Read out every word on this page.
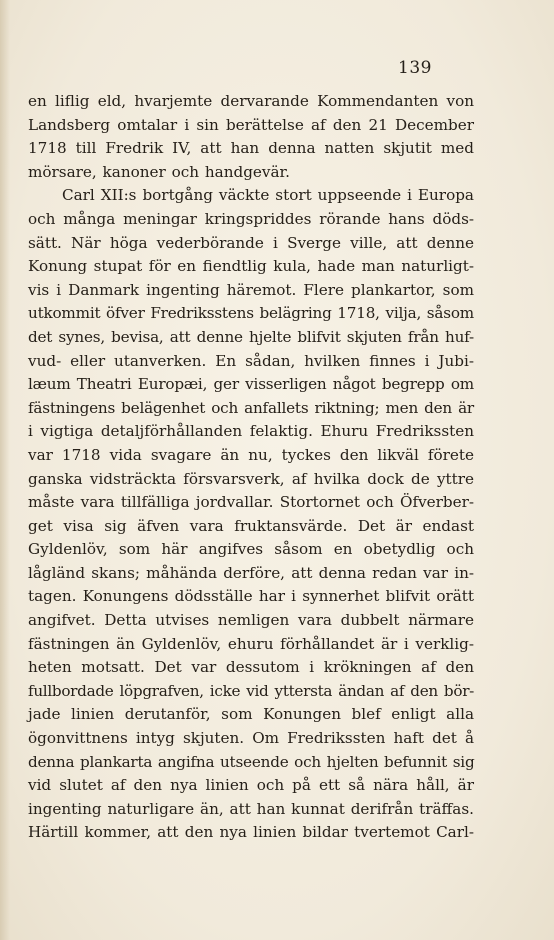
139
en liflig eld, hvarjemte dervarande Kommendanten von
Landsberg omtalar i sin berättelse af den 21 December
1718 till Fredrik IV, att han denna natten skjutit med
mörsare, kanoner och handgevär.
Carl XII:s bortgång väckte stort uppseende i Europa
och många meningar kringspriddes rörande hans döds-
sätt. När höga vederbörande i Sverge ville, att denne
Konung stupat för en fiendtlig kula, hade man naturligt-
vis i Danmark ingenting häremot. Flere plankartor, som
utkommit öfver Fredriksstens belägring 1718, vilja, såsom
det synes, bevisa, att denne hjelte blifvit skjuten från huf-
vud- eller utanverken. En sådan, hvilken finnes i Jubi-
læum Theatri Europæi, ger visserligen något begrepp om
fästningens belägenhet och anfallets riktning; men den är
i vigtiga detaljförhållanden felaktig. Ehuru Fredrikssten
var 1718 vida svagare än nu, tyckes den likväl förete
ganska vidsträckta försvarsverk, af hvilka dock de yttre
måste vara tillfälliga jordvallar. Stortornet och Öfverber-
get visa sig äfven vara fruktansvärde. Det är endast
Gyldenlöv, som här angifves såsom en obetydlig och
lågländ skans; måhända derföre, att denna redan var in-
tagen. Konungens dödsställe har i synnerhet blifvit orätt
angifvet. Detta utvises nemligen vara dubbelt närmare
fästningen än Gyldenlöv, ehuru förhållandet är i verklig-
heten motsatt. Det var dessutom i krökningen af den
fullbordade löpgrafven, icke vid yttersta ändan af den bör-
jade linien derutanför, som Konungen blef enligt alla
ögonvittnens intyg skjuten. Om Fredrikssten haft det å
denna plankarta angifna utseende och hjelten befunnit sig
vid slutet af den nya linien och på ett så nära håll, är
ingenting naturligare än, att han kunnat derifrån träffas.
Härtill kommer, att den nya linien bildar tvertemot Carl-
